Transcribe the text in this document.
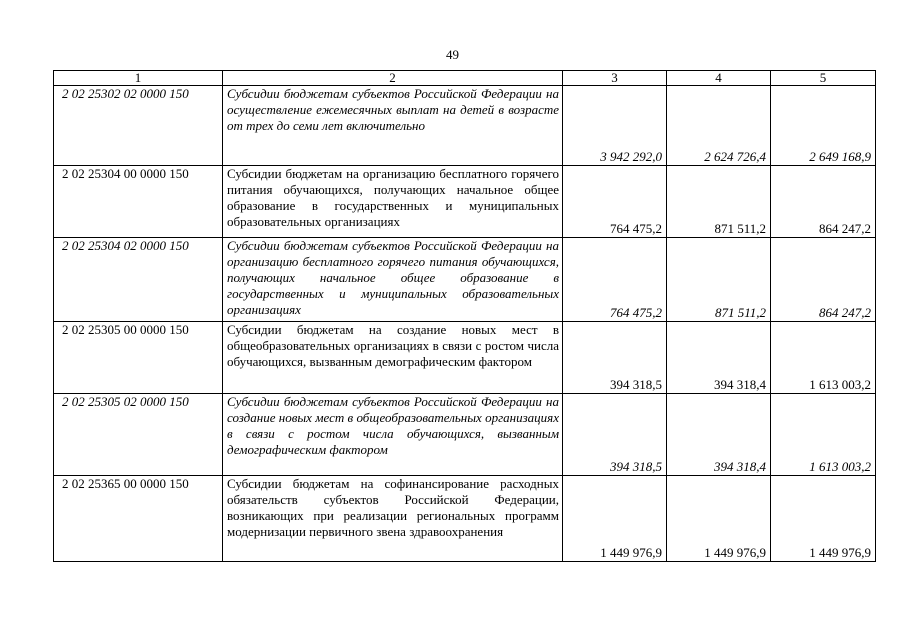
49
1	2	3	4	5
2 02 25302 02 0000 150	Субсидии бюджетам субъектов Российской Федерации на осуществление ежемесячных выплат на детей в возрасте от трех до семи лет включительно	3 942 292,0	2 624 726,4	2 649 168,9
2 02 25304 00 0000 150	Субсидии бюджетам на организацию бесплатного горячего питания обучающихся, получающих начальное общее образование в государственных и муниципальных образовательных организациях	764 475,2	871 511,2	864 247,2
2 02 25304 02 0000 150	Субсидии бюджетам субъектов Российской Федерации на организацию бесплатного горячего питания обучающихся, получающих начальное общее образование в государственных и муниципальных образовательных организациях	764 475,2	871 511,2	864 247,2
2 02 25305 00 0000 150	Субсидии бюджетам на создание новых мест в общеобразовательных организациях в связи с ростом числа обучающихся, вызванным демографическим фактором	394 318,5	394 318,4	1 613 003,2
2 02 25305 02 0000 150	Субсидии бюджетам субъектов Российской Федерации на создание новых мест в общеобразовательных организациях в связи с ростом числа обучающихся, вызванным демографическим фактором	394 318,5	394 318,4	1 613 003,2
2 02 25365 00 0000 150	Субсидии бюджетам на софинансирование расходных обязательств субъектов Российской Федерации, возникающих при реализации региональных программ модернизации первичного звена здравоохранения	1 449 976,9	1 449 976,9	1 449 976,9
